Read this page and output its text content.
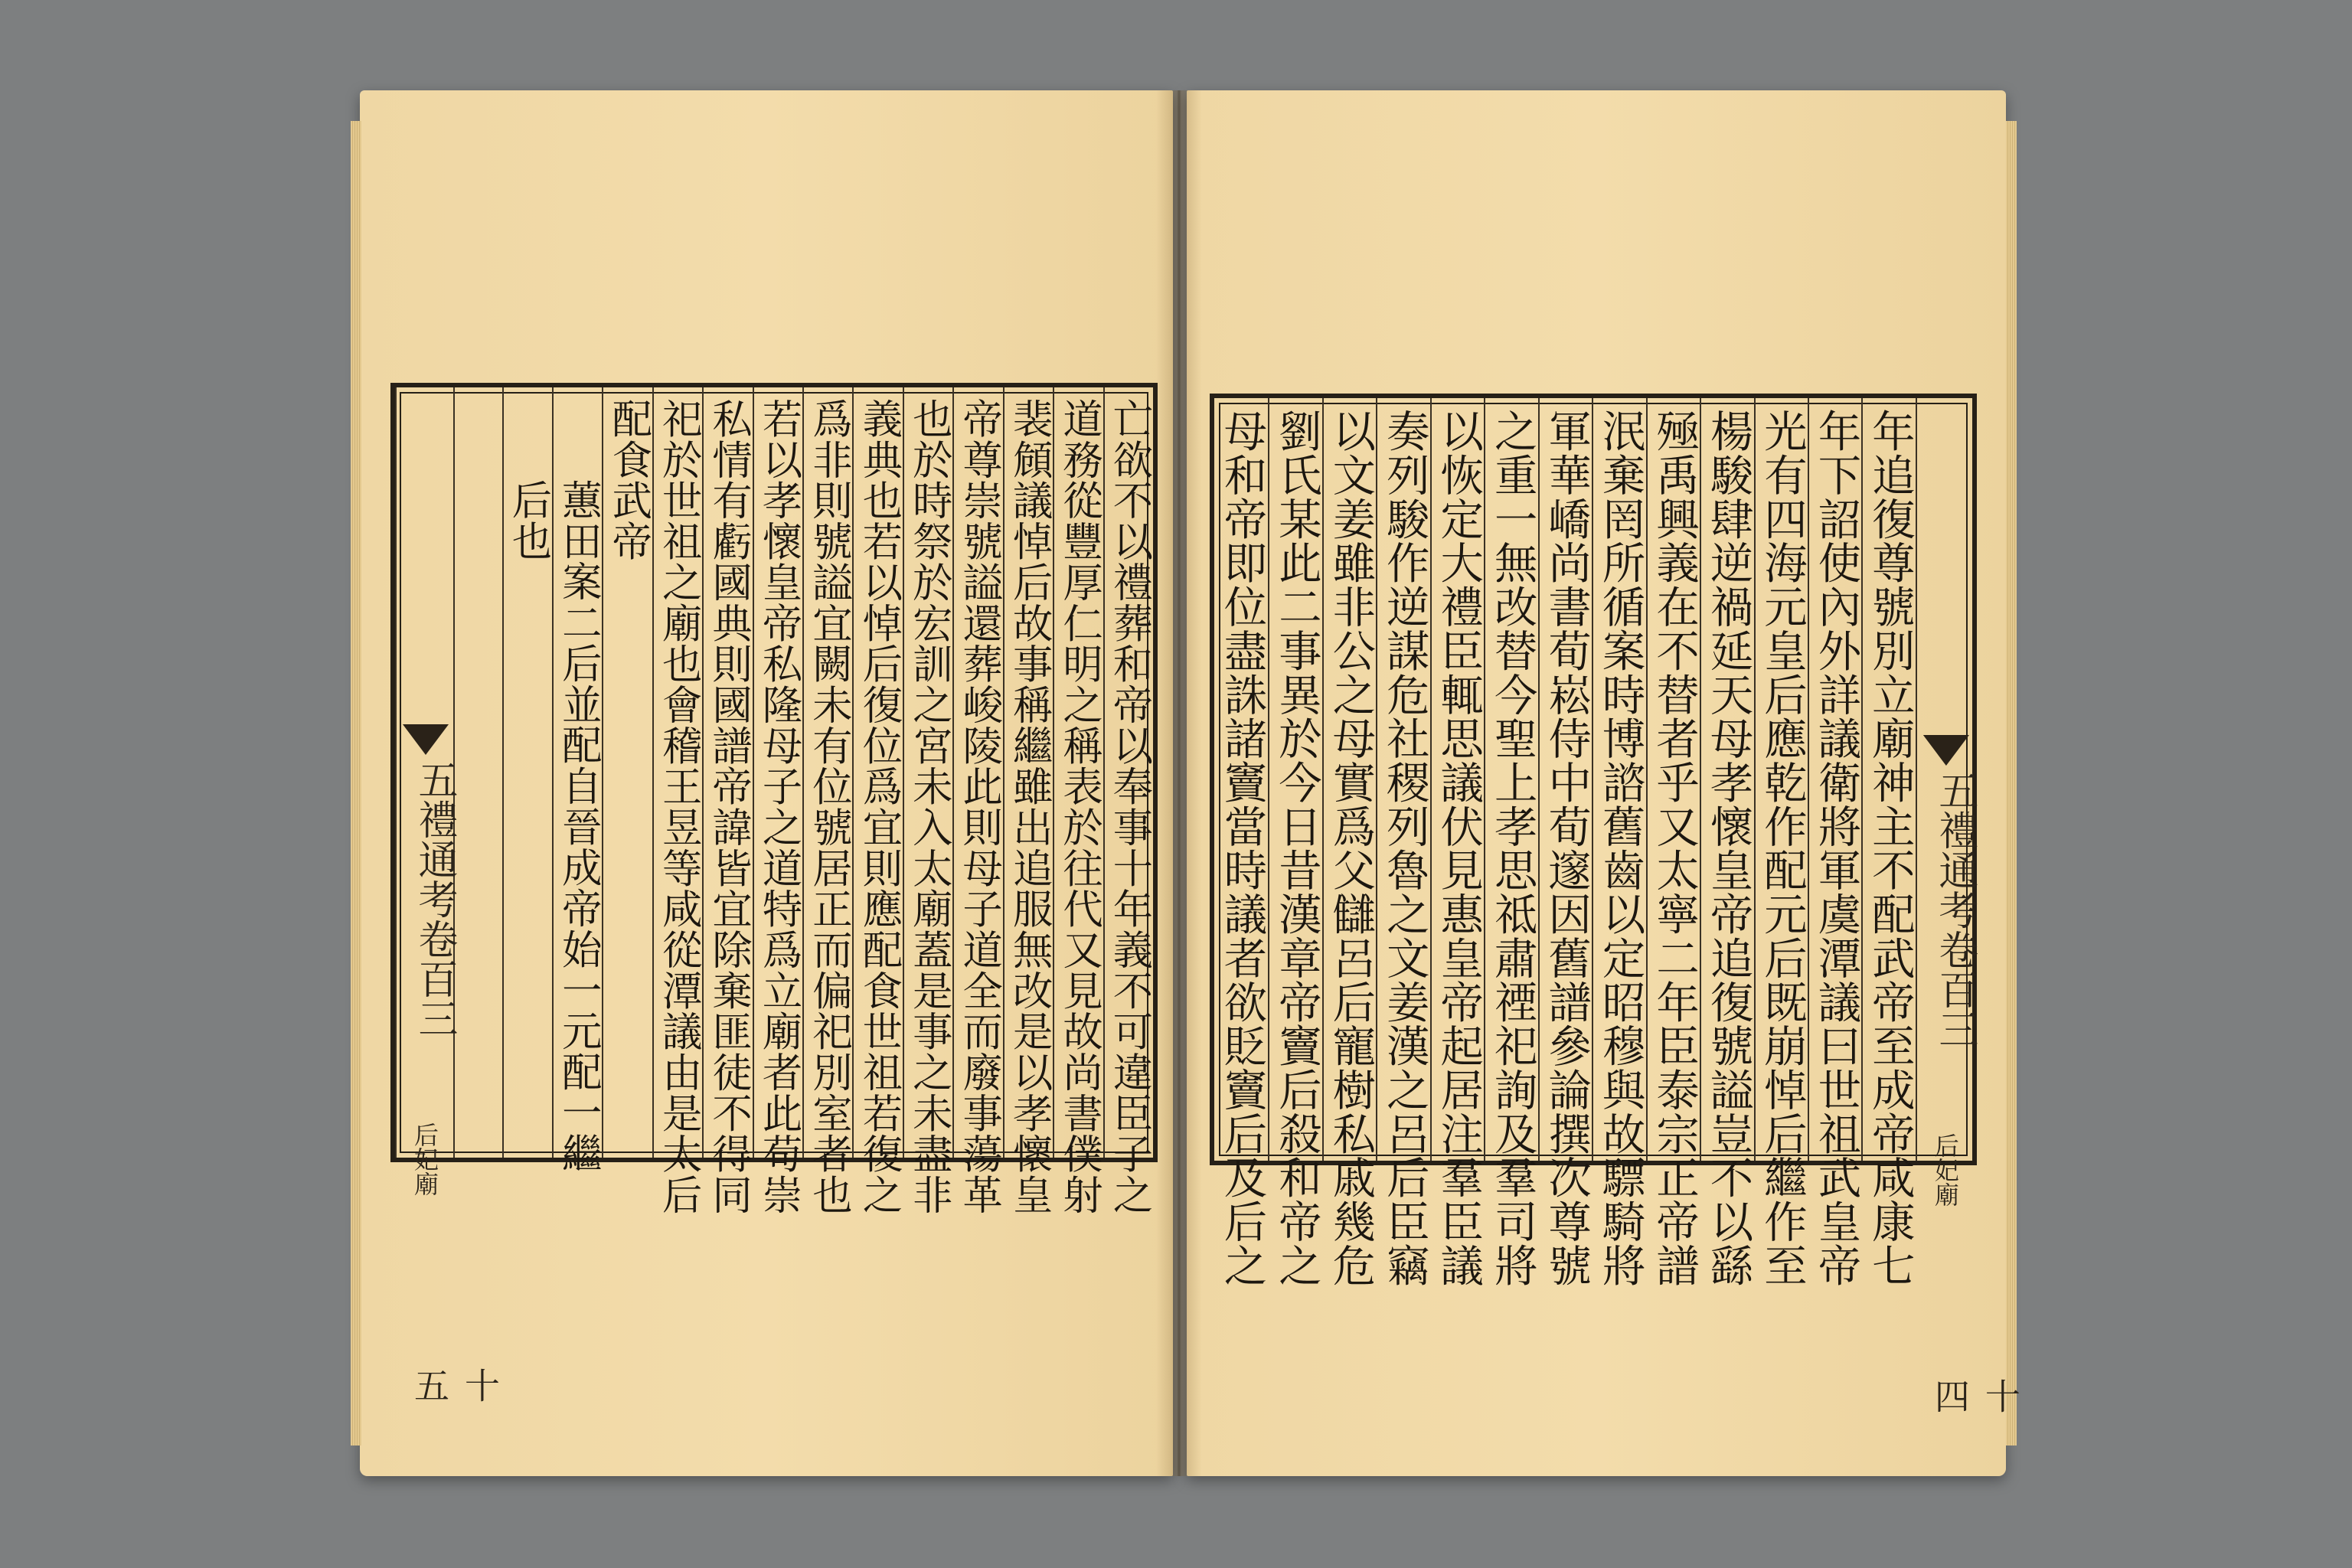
亡欲不以禮葬和帝以奉事十年義不可違臣子之
道務從豐厚仁明之稱表於往代又見故尚書僕射
裴頠議悼后故事稱繼雖出追服無改是以孝懷皇
帝尊崇號謚還葬峻陵此則母子道全而廢事蕩革
也於時祭於宏訓之宮未入太廟蓋是事之未盡非
義典也若以悼后復位爲宜則應配食世祖若復之
爲非則號謚宜闕未有位號居正而偏祀別室者也
若以孝懷皇帝私隆母子之道特爲立廟者此苟崇
私情有虧國典則國譜帝諱皆宜除棄匪徒不得同
祀於世祖之廟也會稽王昱等咸從潭議由是太后
配食武帝
蕙田案二后並配自晉成帝始一元配一繼
后也
五禮通考卷百三
后妃廟
十五
五禮通考卷百三
后妃廟
十四
年追復尊號別立廟神主不配武帝至成帝咸康七
年下詔使內外詳議衛將軍虞潭議曰世祖武皇帝
光有四海元皇后應乾作配元后既崩悼后繼作至
楊駿肆逆禍延天母孝懷皇帝追復號謚豈不以繇
殛禹興義在不替者乎又太寧二年臣泰宗正帝譜
泯棄罔所循案時博諮舊齒以定昭穆與故驃騎將
軍華嶠尚書荀崧侍中荀邃因舊譜參論撰次尊號
之重一無改替今聖上孝思祗肅禋祀詢及羣司將
以恢定大禮臣輒思議伏見惠皇帝起居注羣臣議
奏列駿作逆謀危社稷列魯之文姜漢之呂后臣竊
以文姜雖非公之母實爲父讎呂后寵樹私戚幾危
劉氏某此二事異於今日昔漢章帝竇后殺和帝之
母和帝即位盡誅諸竇當時議者欲貶竇后及后之
